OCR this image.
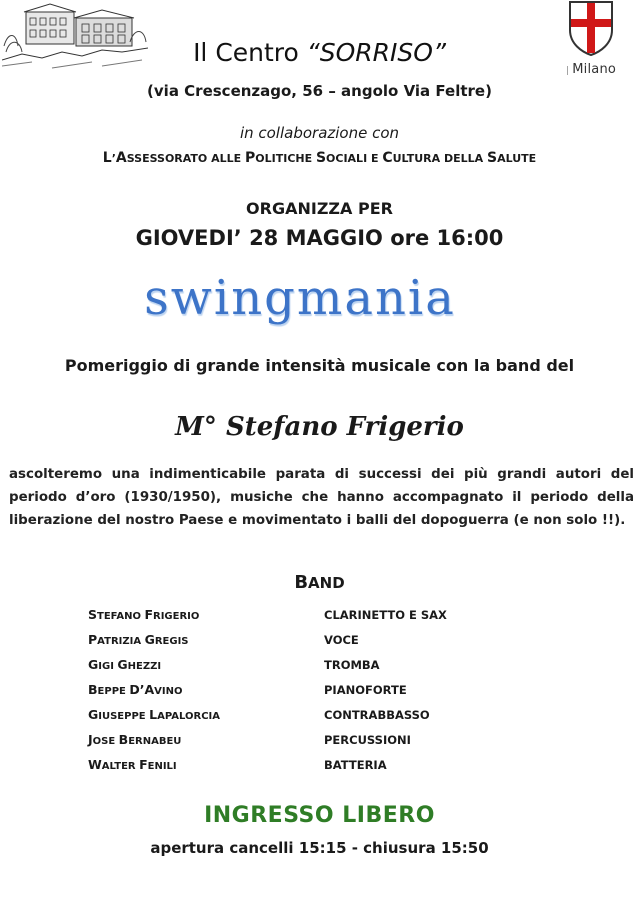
| Milano
Il Centro “SORRISO”
(via Crescenzago, 56 – angolo Via Feltre)
in collaborazione con
L’ASSESSORATO ALLE POLITICHE SOCIALI E CULTURA DELLA SALUTE
ORGANIZZA PER
GIOVEDI’ 28 MAGGIO ore 16:00
swingmania
Pomeriggio di grande intensità musicale con la band del
M° Stefano Frigerio
ascolteremo una indimenticabile parata di successi dei più grandi autori del periodo d’oro (1930/1950), musiche che hanno accompagnato il periodo della liberazione del nostro Paese e movimentato i balli del dopoguerra (e non solo !!).
BAND
STEFANO FRIGERIO	CLARINETTO E SAX
PATRIZIA GREGIS	VOCE
GIGI GHEZZI	TROMBA
BEPPE D’AVINO	PIANOFORTE
GIUSEPPE LAPALORCIA	CONTRABBASSO
JOSE BERNABEU	PERCUSSIONI
WALTER FENILI	BATTERIA
INGRESSO LIBERO
apertura cancelli 15:15 - chiusura 15:50
